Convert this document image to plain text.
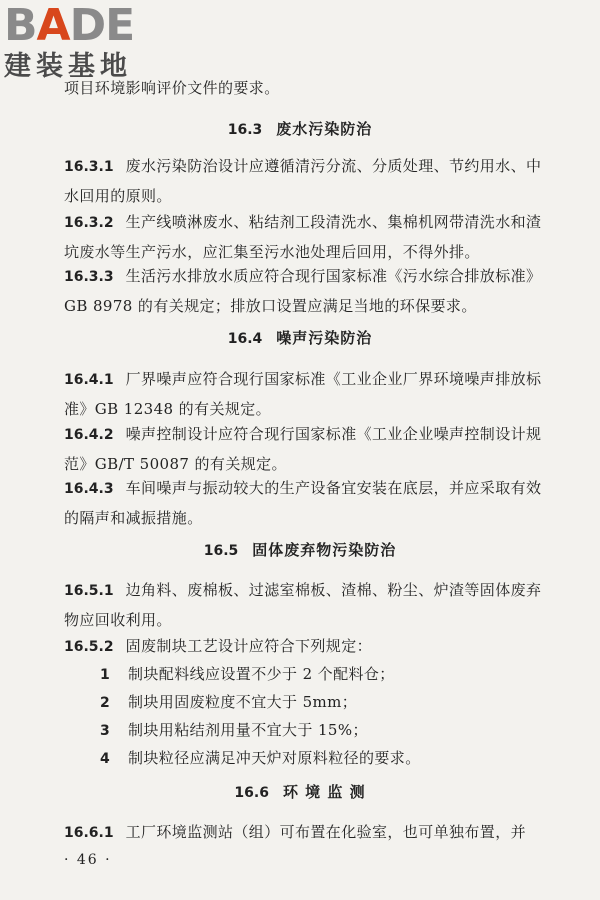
BADE
建装基地
项目环境影响评价文件的要求。
16.3 废水污染防治

16.3.1 废水污染防治设计应遵循清污分流、分质处理、节约用水、中水回用的原则。

16.3.2 生产线喷淋废水、粘结剂工段清洗水、集棉机网带清洗水和渣坑废水等生产污水，应汇集至污水池处理后回用，不得外排。

16.3.3 生活污水排放水质应符合现行国家标准《污水综合排放标准》GB 8978 的有关规定；排放口设置应满足当地的环保要求。

16.4 噪声污染防治

16.4.1 厂界噪声应符合现行国家标准《工业企业厂界环境噪声排放标准》GB 12348 的有关规定。

16.4.2 噪声控制设计应符合现行国家标准《工业企业噪声控制设计规范》GB/T 50087 的有关规定。

16.4.3 车间噪声与振动较大的生产设备宜安装在底层，并应采取有效的隔声和减振措施。

16.5 固体废弃物污染防治

16.5.1 边角料、废棉板、过滤室棉板、渣棉、粉尘、炉渣等固体废弃物应回收利用。

16.5.2 固废制块工艺设计应符合下列规定：

1 制块配料线应设置不少于 2 个配料仓；
2 制块用固废粒度不宜大于 5mm；
3 制块用粘结剂用量不宜大于 15%；
4 制块粒径应满足冲天炉对原料粒径的要求。
16.6 环 境 监 测

16.6.1 工厂环境监测站（组）可布置在化验室，也可单独布置，并

· 46 ·
